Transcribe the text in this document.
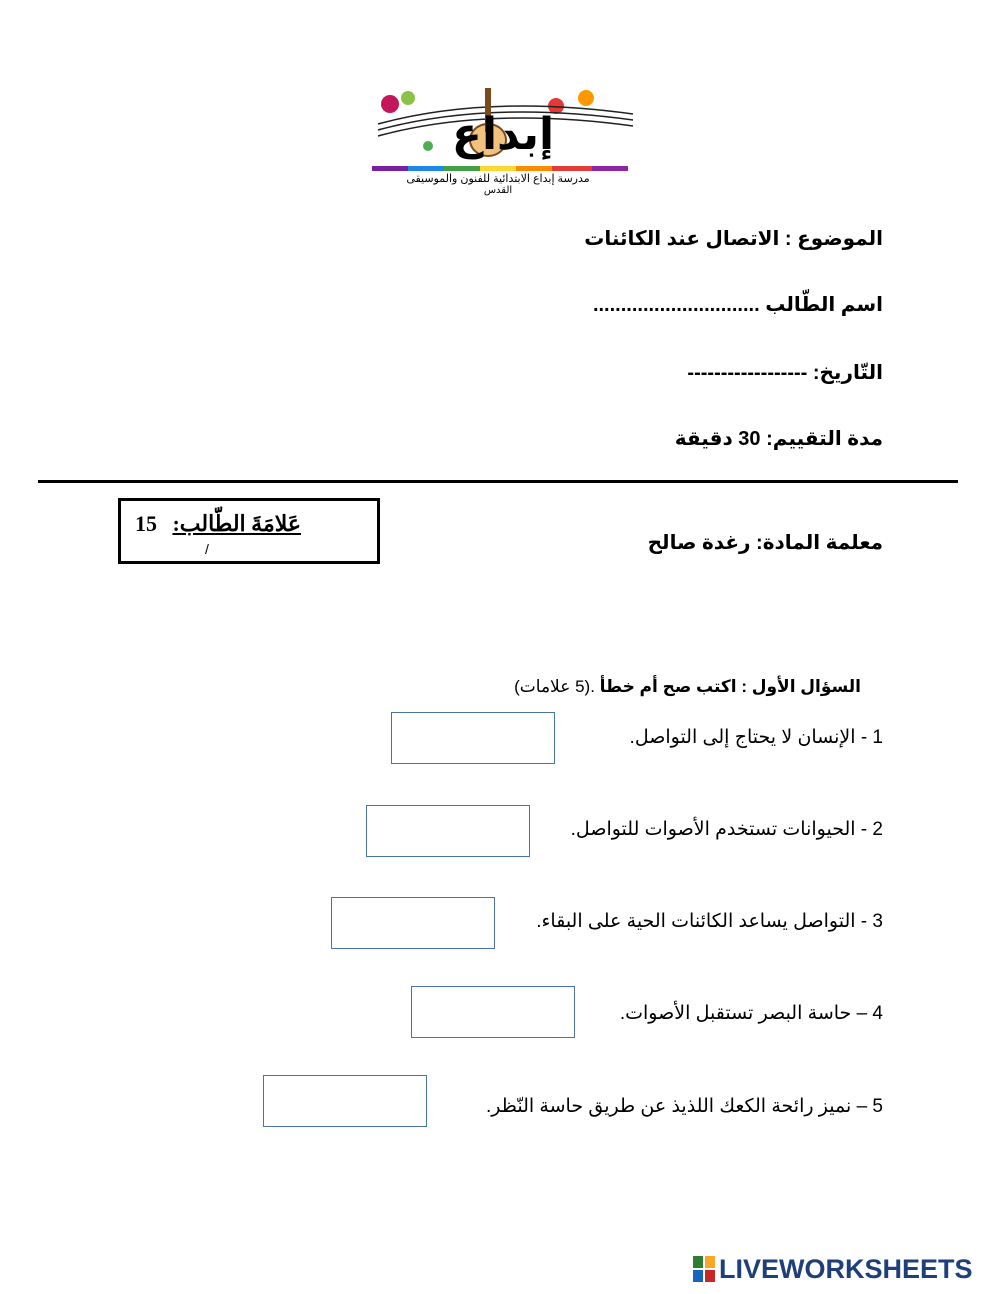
إبداع
مدرسة إبداع الابتدائية للفنون والموسيقى
القدس
الموضوع : الاتصال عند الكائنات
اسم الطّالب ..............................
التّاريخ: ------------------
مدة التقييم: 30 دقيقة
معلمة المادة: رغدة صالح
عَلامَةَ الطّالب:
15
/
السؤال الأول : اكتب صح أم خطأ .(5 علامات)
1 - الإنسان لا يحتاج إلى التواصل.
2 - الحيوانات تستخدم الأصوات للتواصل.
3 - التواصل يساعد الكائنات الحية على البقاء.
4 – حاسة البصر تستقبل الأصوات.
5 – نميز رائحة الكعك اللذيذ عن طريق حاسة النّظر.
LIVEWORKSHEETS
